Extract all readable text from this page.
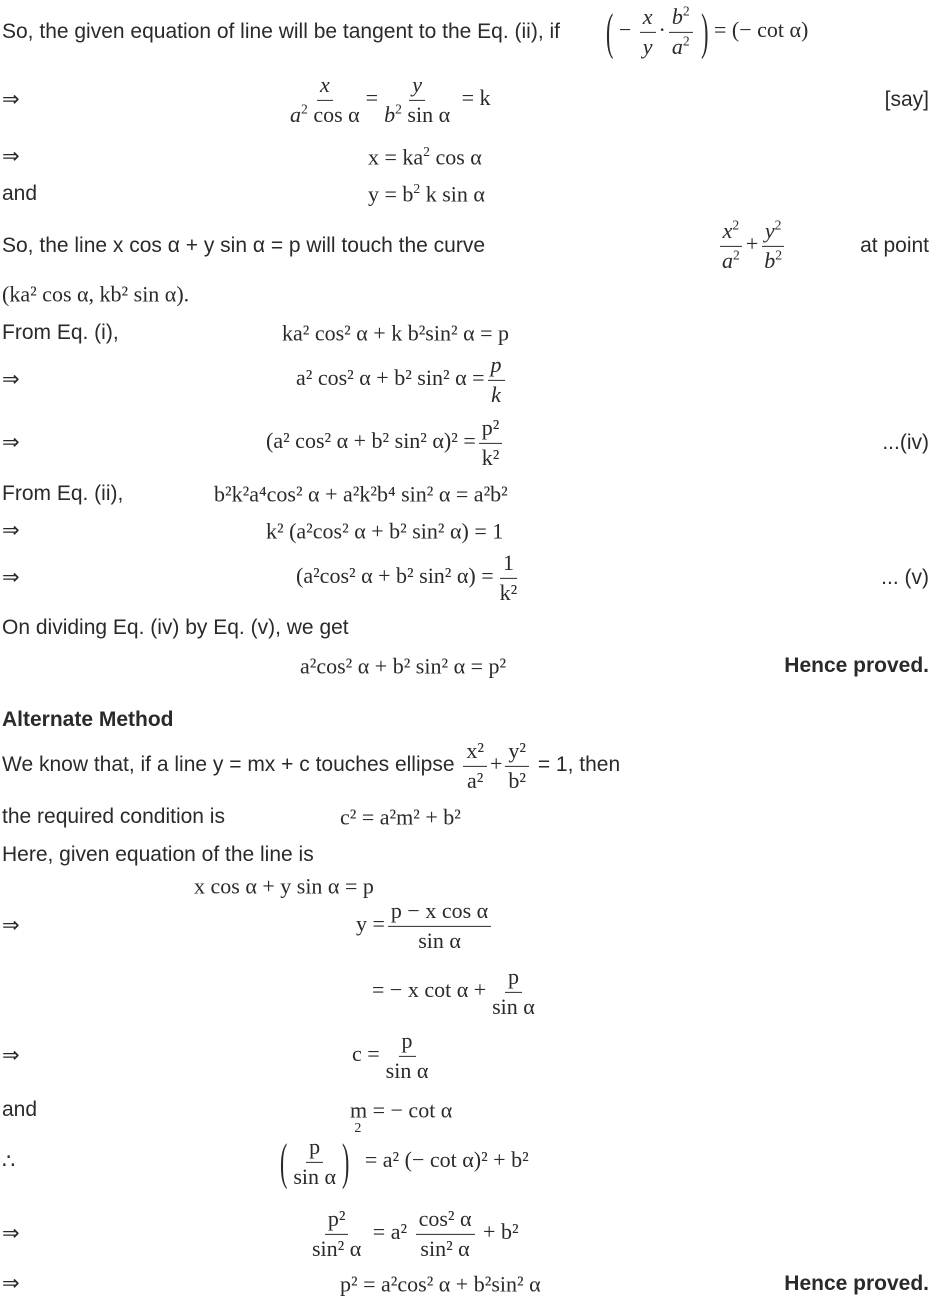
So, the given equation of line will be tangent to the Eq. (ii), if ( − $\frac{x}{y} \cdot \frac{b^2}{a^2}$ ) = (− cot α)
⇒	$\frac{x}{a^2 \cos \alpha} = \frac{y}{b^2 \sin \alpha} = k$	[say]
⇒	$x = ka^2$ cos α
and	$y = b^2$ k sin α
So, the line x cos α + y sin α = p will touch the curve	$\frac{x^2}{a^2} + \frac{y^2}{b^2}$	at point
(ka² cos α, kb² sin α).
From Eq. (i),	ka² cos² α + k b²sin² α = p
⇒	a² cos² α + b² sin² $\alpha = \frac{p}{k}$
⇒	(a² cos² α + b² sin² $\alpha)^2 = \frac{\text{p²}}{\text{k²}}$	...(iv)
From Eq. (ii),	b²k²a⁴cos² α + a²k²b⁴ sin² α = a²b²
⇒	k² (a²cos² α + b² sin² α) = 1
⇒	(a²cos² α + b² sin² $\alpha) = \frac{1}{\text{k²}}$	... (v)
On dividing Eq. (iv) by Eq. (v), we get
a²cos² α + b² sin² α = p²	Hence proved.
Alternate Method
We know that, if a line y = mx + c touches ellipse $\frac{\text{x²}}{\text{a²}} + \frac{\text{y²}}{\text{b²}} = 1$, then
the required condition is	c² = a²m² + b²
Here, given equation of the line is
x cos α + y sin α = p
⇒	$y = \frac{\text{p − x cos α}}{\text{sin α}}$
= − x $\cot \alpha + \frac{p}{\text{sin α}}$
⇒	$c = \frac{p}{\text{sin α}}$
and	m = − cot α
∴	( $\frac{p}{\text{sin α}}$ )
2
= a² (− cot α)² + b²
⇒	$\frac{\text{p²}}{\text{sin² α}} = a^2 \frac{\text{cos² α}}{\text{sin² α}} + b^2$
⇒	p² = a²cos² α + b²sin² α	Hence proved.
